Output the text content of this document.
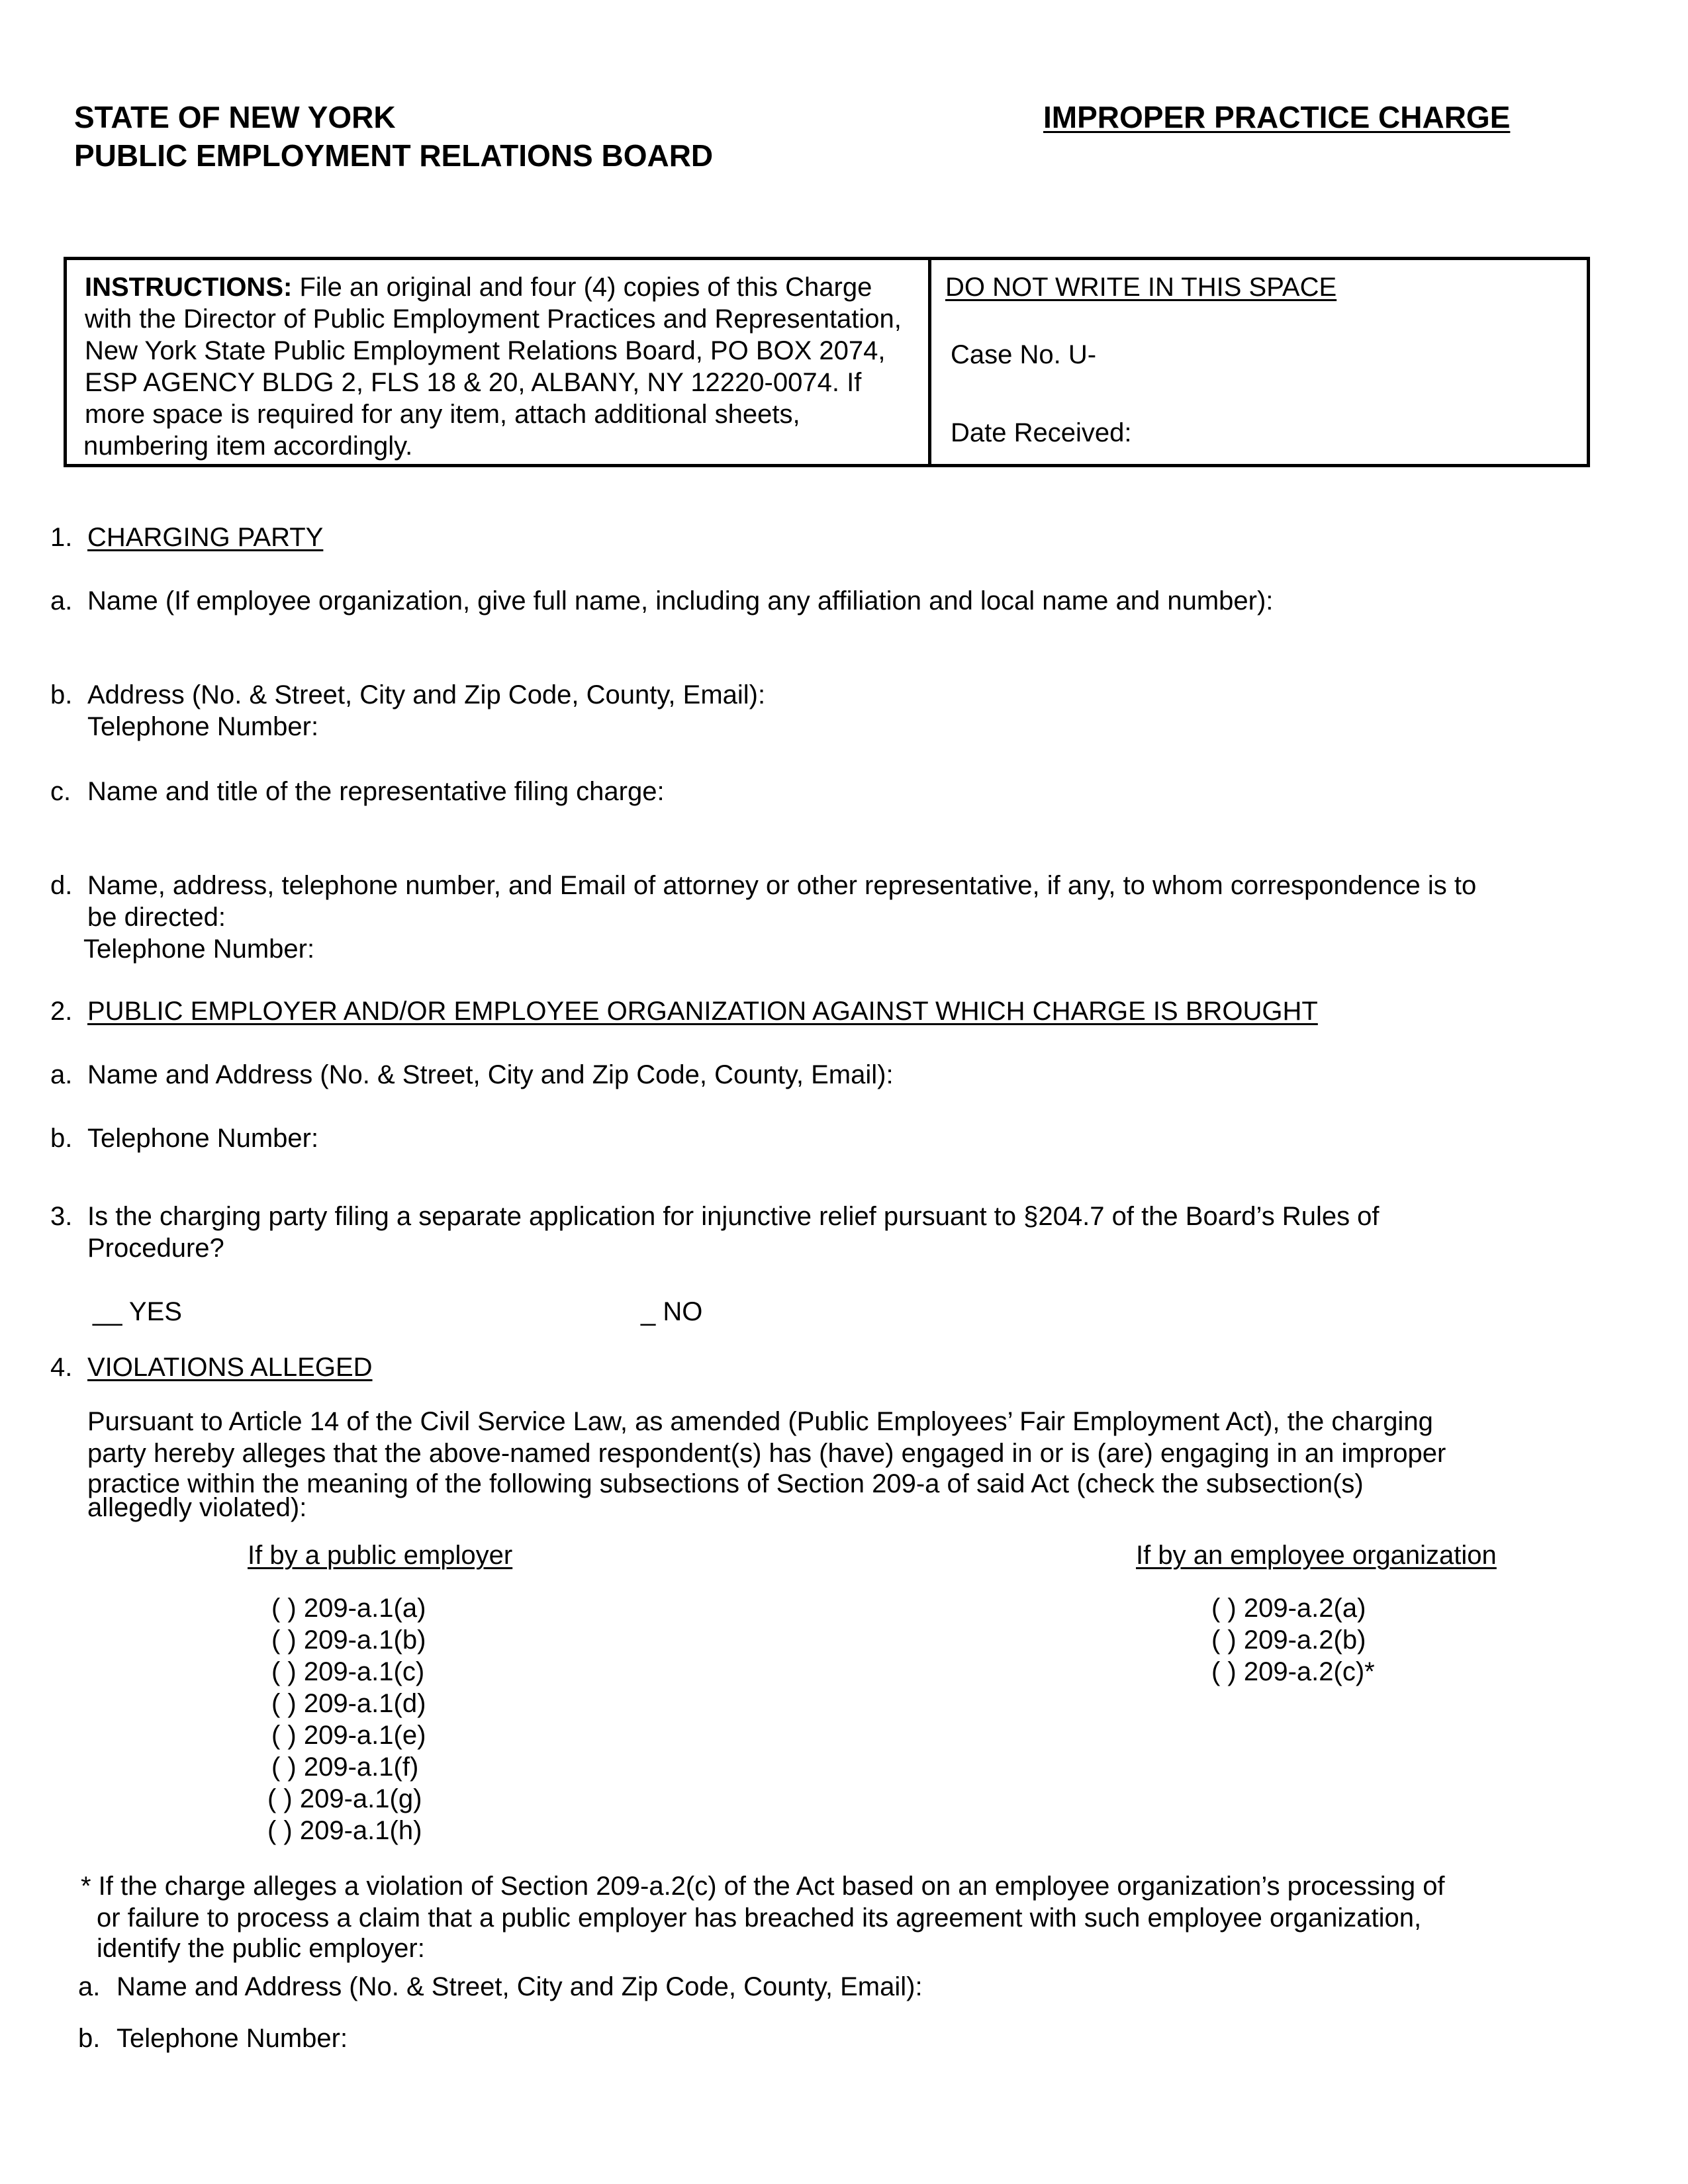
STATE OF NEW YORK
PUBLIC EMPLOYMENT RELATIONS BOARD
IMPROPER PRACTICE CHARGE
INSTRUCTIONS: File an original and four (4) copies of this Charge
with the Director of Public Employment Practices and Representation,
New York State Public Employment Relations Board, PO BOX 2074,
ESP AGENCY BLDG 2, FLS 18 & 20, ALBANY, NY 12220-0074. If
more space is required for any item, attach additional sheets,
numbering item accordingly.
DO NOT WRITE IN THIS SPACE
Case No. U-
Date Received:
1. CHARGING PARTY
a. Name (If employee organization, give full name, including any affiliation and local name and number):
b. Address (No. & Street, City and Zip Code, County, Email):
Telephone Number:
c. Name and title of the representative filing charge:
d. Name, address, telephone number, and Email of attorney or other representative, if any, to whom correspondence is to
be directed:
Telephone Number:
2. PUBLIC EMPLOYER AND/OR EMPLOYEE ORGANIZATION AGAINST WHICH CHARGE IS BROUGHT
a. Name and Address (No. & Street, City and Zip Code, County, Email):
b. Telephone Number:
3. Is the charging party filing a separate application for injunctive relief pursuant to §204.7 of the Board’s Rules of
Procedure?
__ YES	_ NO
4. VIOLATIONS ALLEGED
Pursuant to Article 14 of the Civil Service Law, as amended (Public Employees’ Fair Employment Act), the charging
party hereby alleges that the above-named respondent(s) has (have) engaged in or is (are) engaging in an improper
practice within the meaning of the following subsections of Section 209-a of said Act (check the subsection(s)
allegedly violated):
If by a public employer	If by an employee organization
( ) 209-a.1(a)
( ) 209-a.1(b)
( ) 209-a.1(c)
( ) 209-a.1(d)
( ) 209-a.1(e)
( ) 209-a.1(f)
( ) 209-a.1(g)
( ) 209-a.1(h)
( ) 209-a.2(a)
( ) 209-a.2(b)
( ) 209-a.2(c)*
* If the charge alleges a violation of Section 209-a.2(c) of the Act based on an employee organization’s processing of
or failure to process a claim that a public employer has breached its agreement with such employee organization,
identify the public employer:
a. Name and Address (No. & Street, City and Zip Code, County, Email):
b. Telephone Number:
